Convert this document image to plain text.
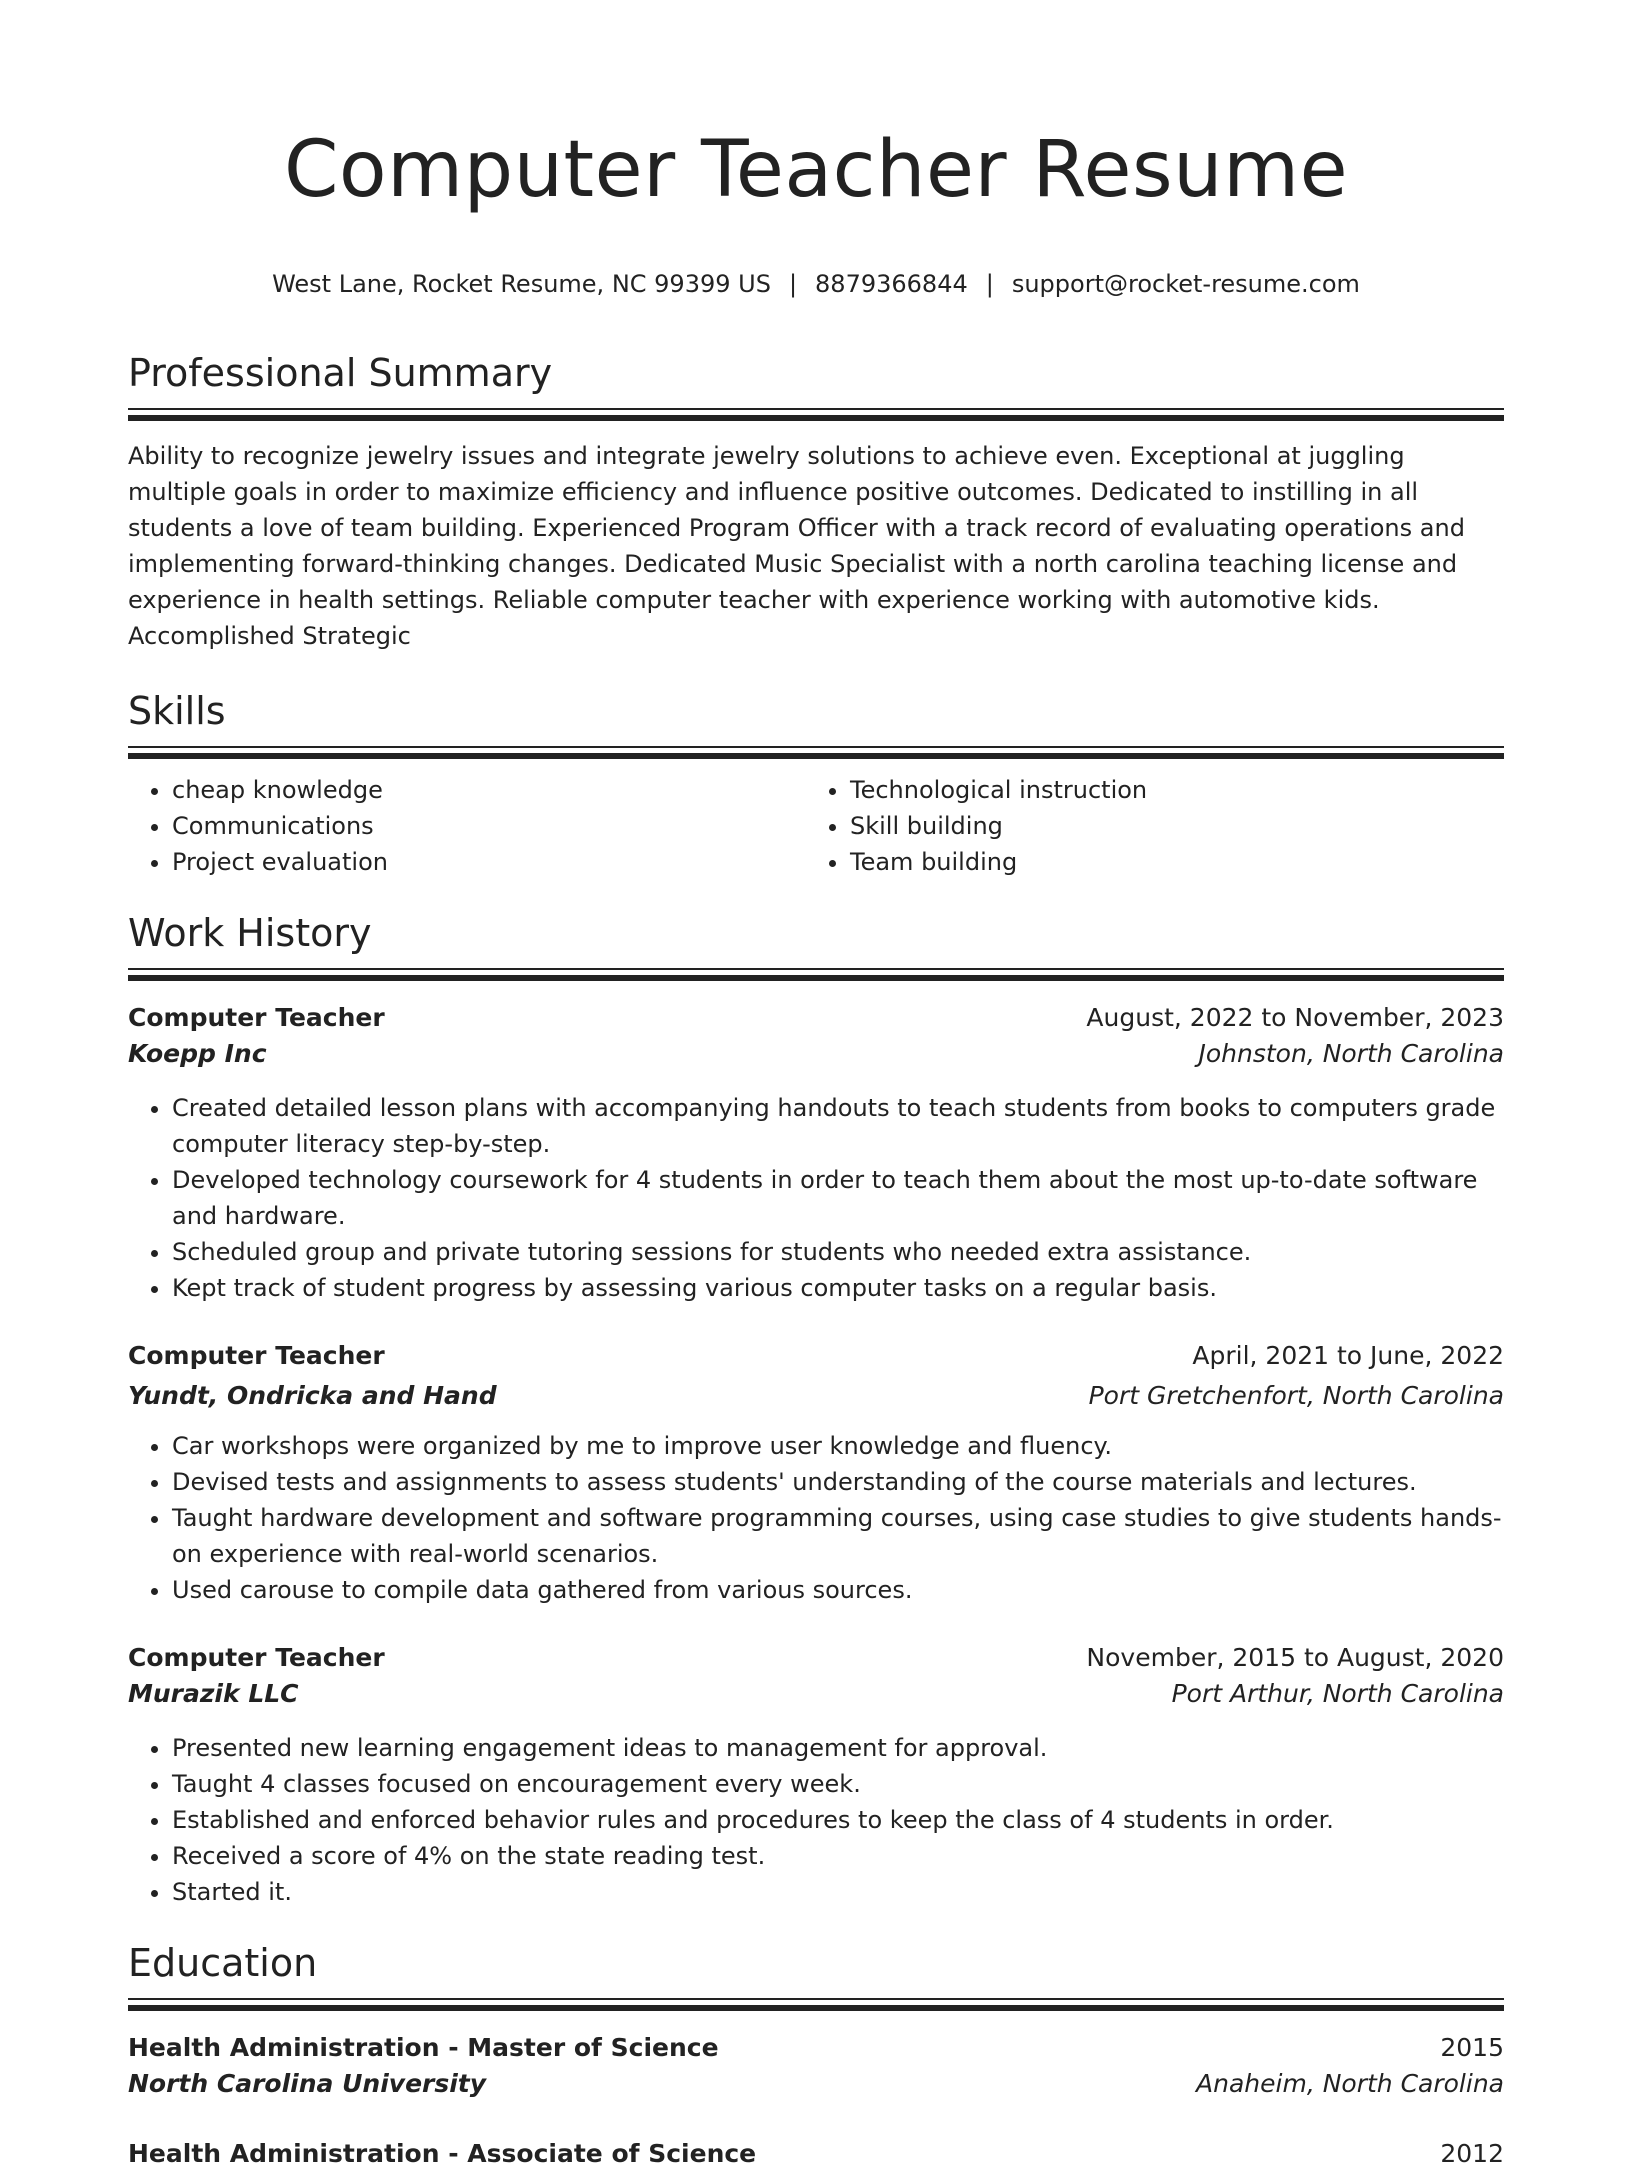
Computer Teacher Resume
West Lane, Rocket Resume, NC 99399 US | 8879366844 | support@rocket-resume.com
Professional Summary

Ability to recognize jewelry issues and integrate jewelry solutions to achieve even. Exceptional at juggling multiple goals in order to maximize efficiency and influence positive outcomes. Dedicated to instilling in all students a love of team building. Experienced Program Officer with a track record of evaluating operations and implementing forward-thinking changes. Dedicated Music Specialist with a north carolina teaching license and experience in health settings. Reliable computer teacher with experience working with automotive kids. Accomplished Strategic

Skills
• cheap knowledge
• Communications
• Project evaluation
• Technological instruction
• Skill building
• Team building
Work History
Computer Teacher	August, 2022 to November, 2023
Koepp Inc	Johnston, North Carolina
• Created detailed lesson plans with accompanying handouts to teach students from books to computers grade computer literacy step-by-step.
• Developed technology coursework for 4 students in order to teach them about the most up-to-date software and hardware.
• Scheduled group and private tutoring sessions for students who needed extra assistance.
• Kept track of student progress by assessing various computer tasks on a regular basis.
Computer Teacher	April, 2021 to June, 2022
Yundt, Ondricka and Hand	Port Gretchenfort, North Carolina
• Car workshops were organized by me to improve user knowledge and fluency.
• Devised tests and assignments to assess students' understanding of the course materials and lectures.
• Taught hardware development and software programming courses, using case studies to give students hands-on experience with real-world scenarios.
• Used carouse to compile data gathered from various sources.
Computer Teacher	November, 2015 to August, 2020
Murazik LLC	Port Arthur, North Carolina
• Presented new learning engagement ideas to management for approval.
• Taught 4 classes focused on encouragement every week.
• Established and enforced behavior rules and procedures to keep the class of 4 students in order.
• Received a score of 4% on the state reading test.
• Started it.
Education
Health Administration - Master of Science	2015
North Carolina University	Anaheim, North Carolina
Health Administration - Associate of Science	2012
